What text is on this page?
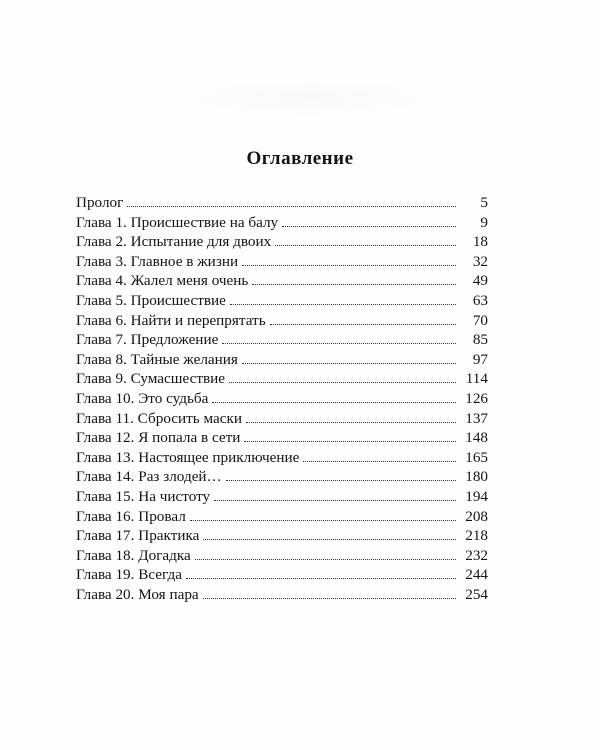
Оглавление
Пролог	5
Глава 1. Происшествие на балу	9
Глава 2. Испытание для двоих	18
Глава 3. Главное в жизни	32
Глава 4. Жалел меня очень	49
Глава 5. Происшествие	63
Глава 6. Найти и перепрятать	70
Глава 7. Предложение	85
Глава 8. Тайные желания	97
Глава 9. Сумасшествие	114
Глава 10. Это судьба	126
Глава 11. Сбросить маски	137
Глава 12. Я попала в сети	148
Глава 13. Настоящее приключение	165
Глава 14. Раз злодей…	180
Глава 15. На чистоту	194
Глава 16. Провал	208
Глава 17. Практика	218
Глава 18. Догадка	232
Глава 19. Всегда	244
Глава 20. Моя пара	254
